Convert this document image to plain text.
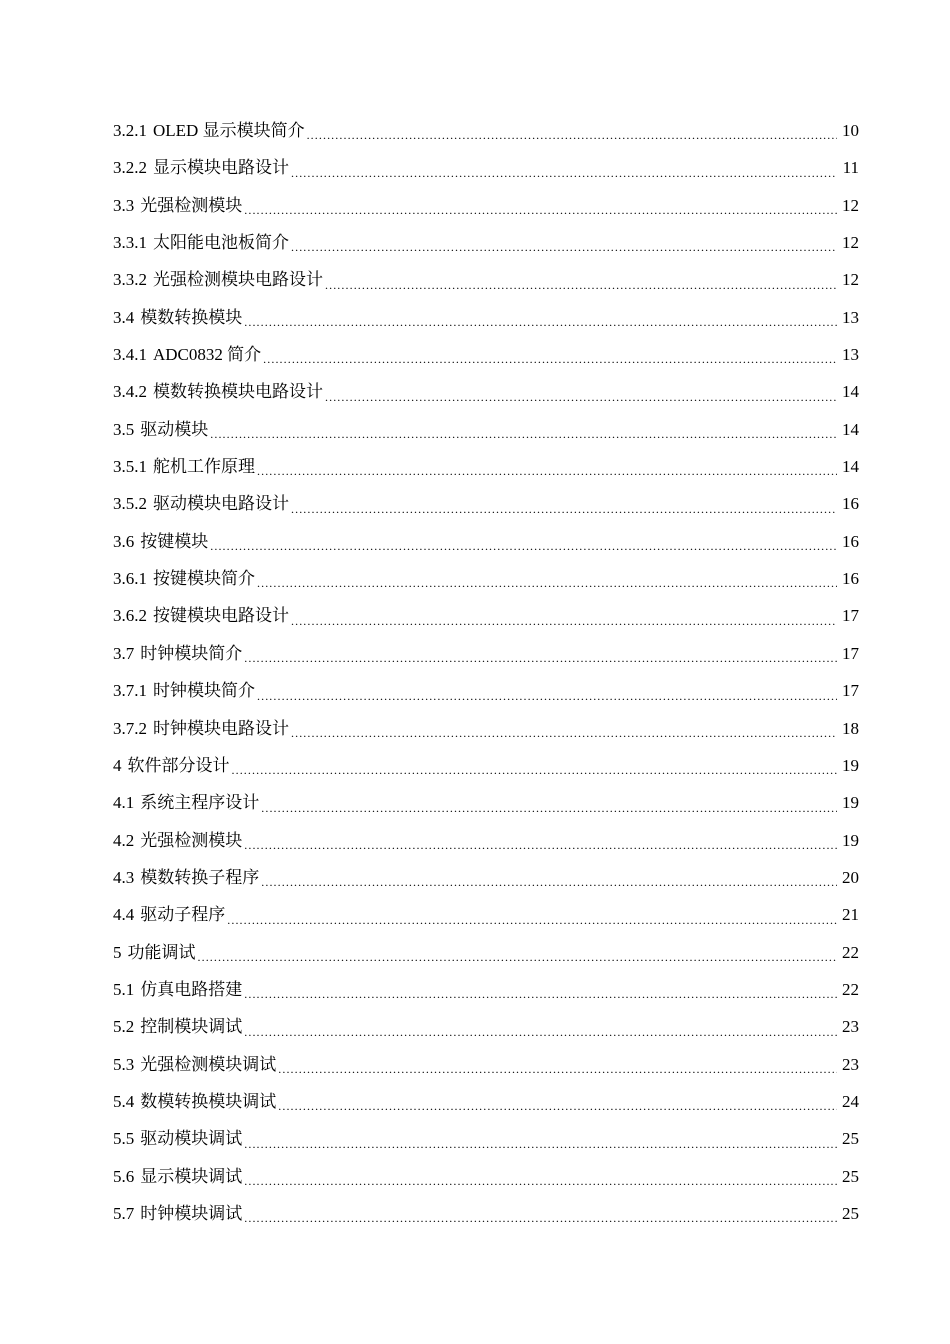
3.2.1 OLED 显示模块简介 .....	10
3.2.2 显示模块电路设计 .....	11
3.3 光强检测模块 .....	12
3.3.1 太阳能电池板简介 .....	12
3.3.2 光强检测模块电路设计 .....	12
3.4 模数转换模块 .....	13
3.4.1 ADC0832 简介 .....	13
3.4.2 模数转换模块电路设计 .....	14
3.5 驱动模块 .....	14
3.5.1 舵机工作原理 .....	14
3.5.2 驱动模块电路设计 .....	16
3.6 按键模块 .....	16
3.6.1 按键模块简介 .....	16
3.6.2 按键模块电路设计 .....	17
3.7 时钟模块简介 .....	17
3.7.1 时钟模块简介 .....	17
3.7.2 时钟模块电路设计 .....	18
4 软件部分设计 .....	19
4.1 系统主程序设计 .....	19
4.2 光强检测模块 .....	19
4.3 模数转换子程序 .....	20
4.4 驱动子程序 .....	21
5 功能调试 .....	22
5.1 仿真电路搭建 .....	22
5.2 控制模块调试 .....	23
5.3 光强检测模块调试 .....	23
5.4 数模转换模块调试 .....	24
5.5 驱动模块调试 .....	25
5.6 显示模块调试 .....	25
5.7 时钟模块调试 .....	25
